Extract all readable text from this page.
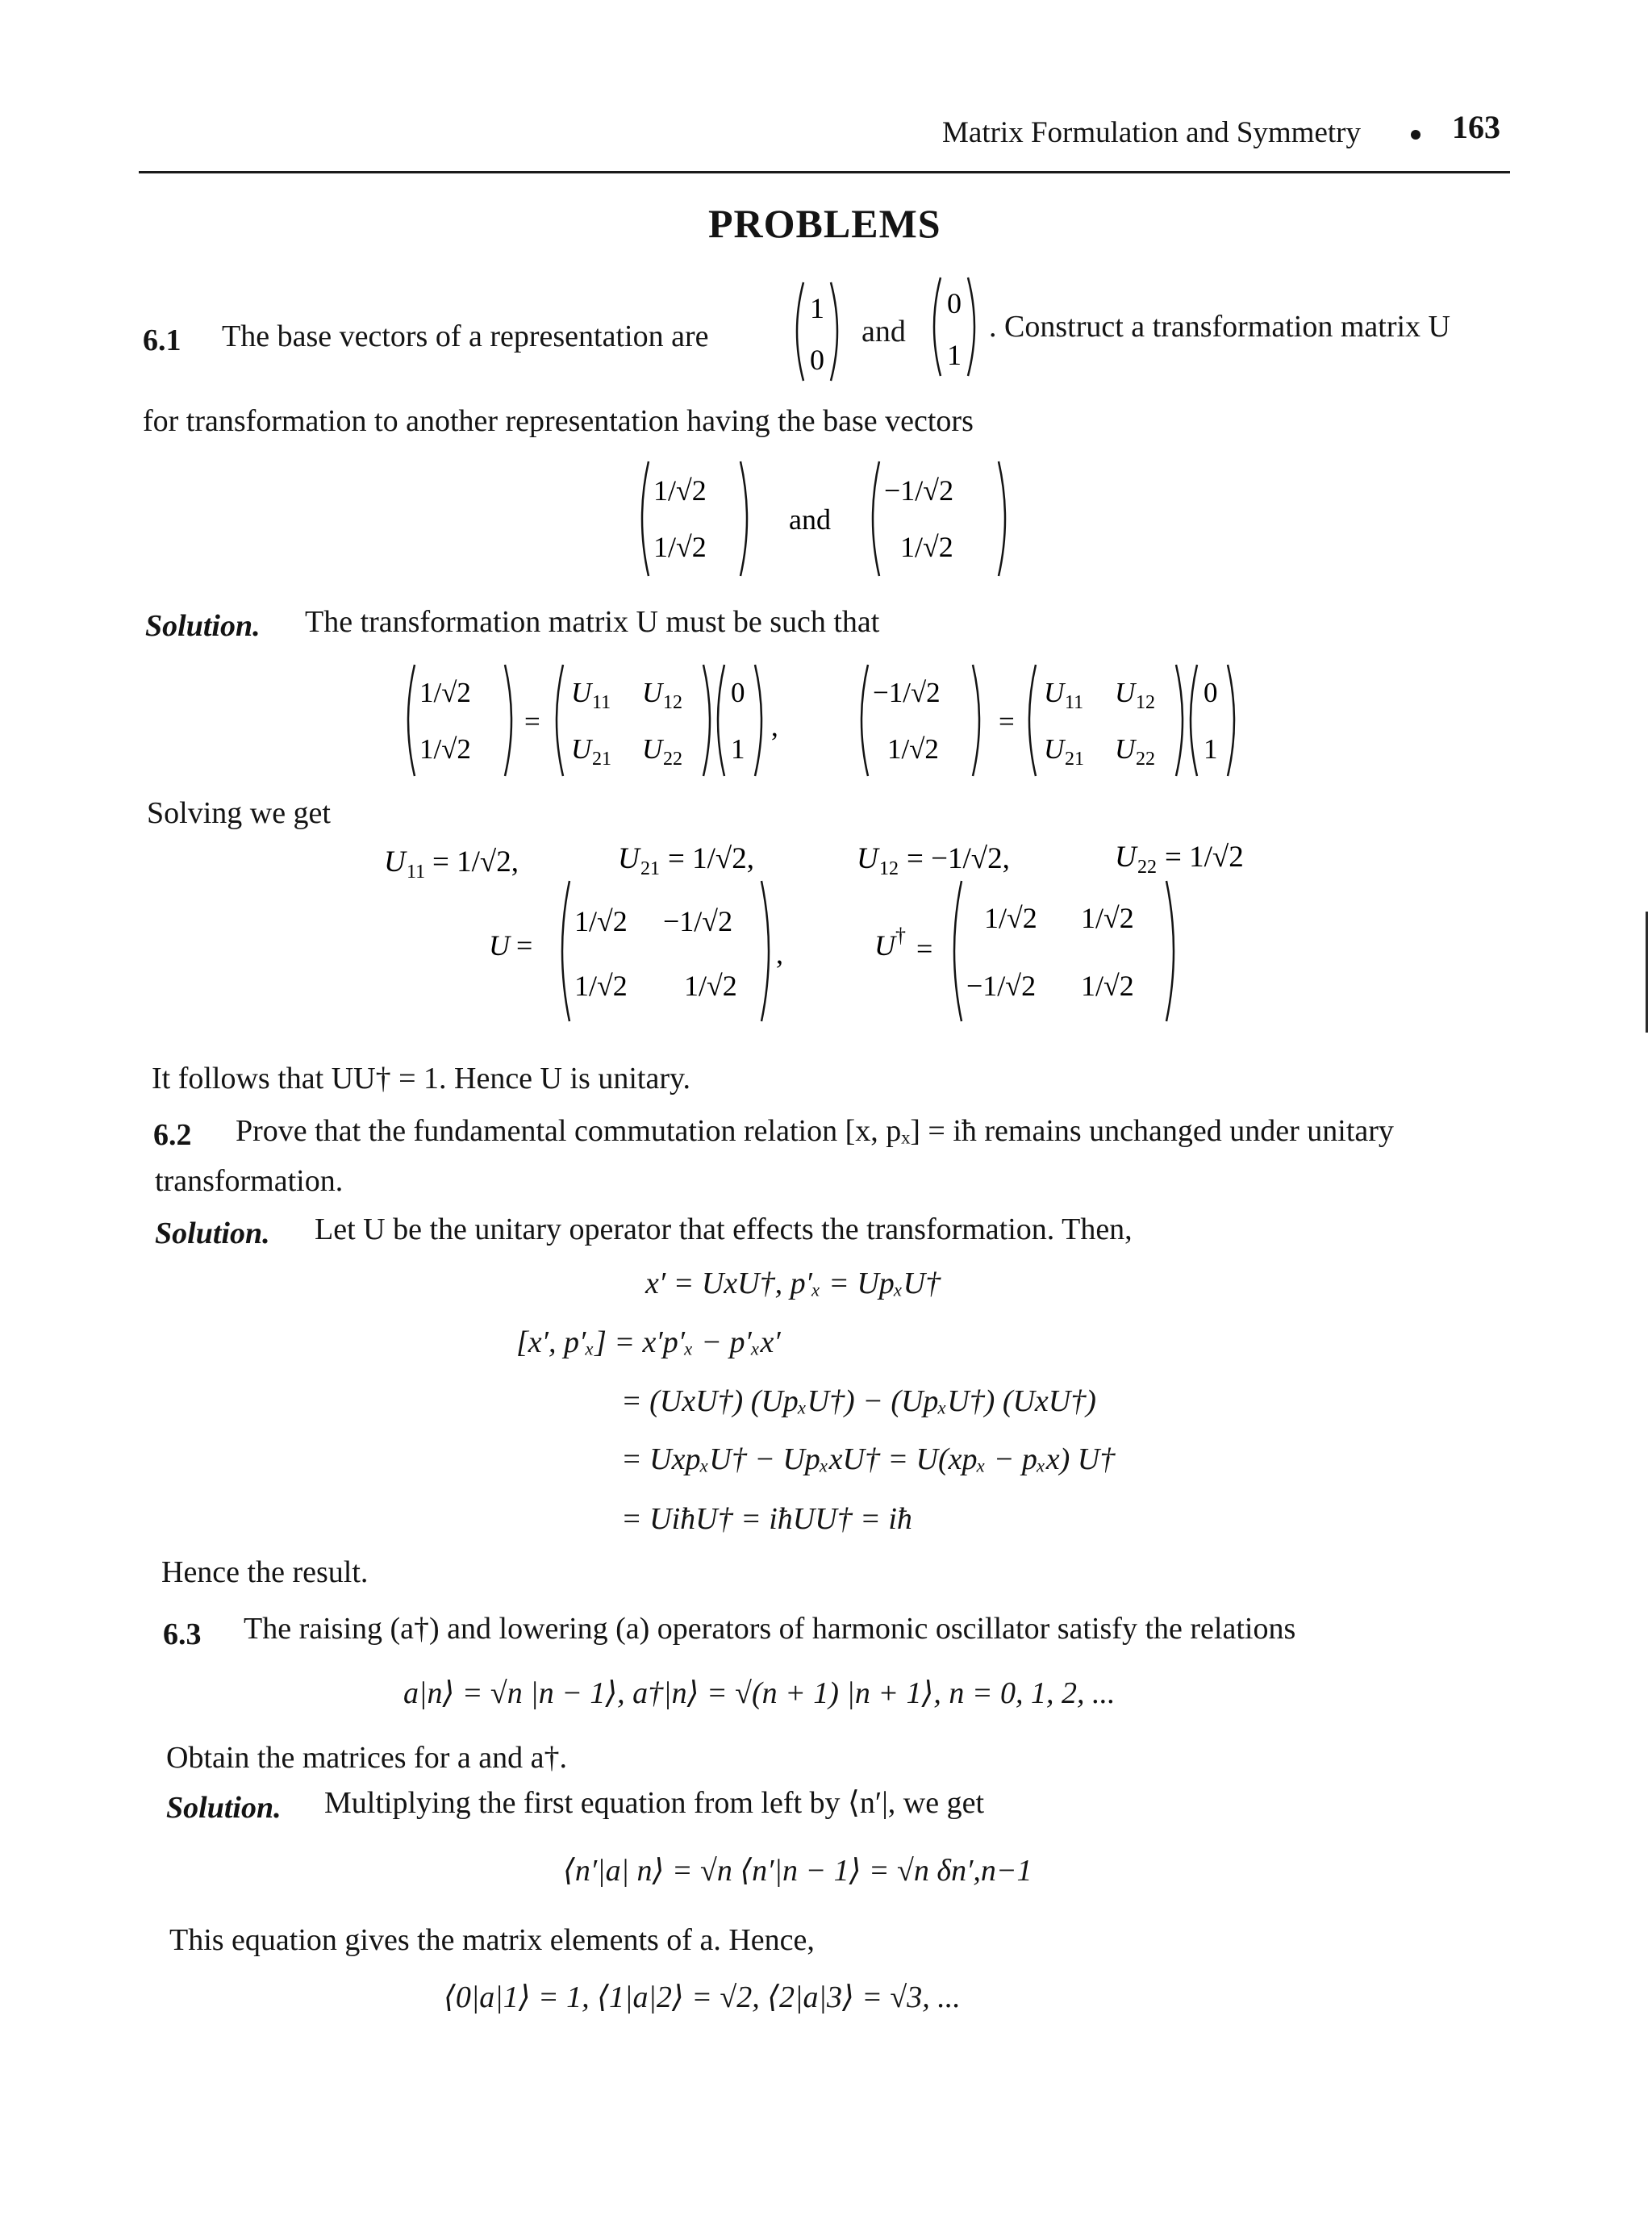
Matrix Formulation and Symmetry	163
PROBLEMS
6.1 The base vectors of a representation are
1
0
and
0
1
. Construct a transformation matrix U
for transformation to another representation having the base vectors
1/√2
1/√2
and
−1/√2
1/√2
Solution. The transformation matrix U must be such that
1/√2
1/√2
=
U 11 U 12
U 21 U 22
0
1
,
−1/√2
1/√2
=
U 11 U 12
U 21 U 22
0
1
Solving we get
U 11 = 1/√2,	U 21 = 1/√2,	U 12 = −1/√2,	U 22 = 1/√2
U =
1/√2 −1/√2
1/√2 1/√2
,	U † =
1/√2 1/√2
−1/√2 1/√2
It follows that UU† = 1. Hence U is unitary.
6.2 Prove that the fundamental commutation relation [x, pₓ] = iħ remains unchanged under unitary
transformation.
Solution. Let U be the unitary operator that effects the transformation. Then,
x′ = UxU†, p′ₓ = UpₓU†
[x′, p′ₓ] = x′p′ₓ − p′ₓx′
= (UxU†) (UpₓU†) − (UpₓU†) (UxU†)
= UxpₓU† − UpₓxU† = U(xpₓ − pₓx) U†
= UiħU† = iħUU† = iħ
Hence the result.
6.3 The raising (a†) and lowering (a) operators of harmonic oscillator satisfy the relations
a|n⟩ = √n |n − 1⟩, a†|n⟩ = √(n + 1) |n + 1⟩, n = 0, 1, 2, ...
Obtain the matrices for a and a†.
Solution. Multiplying the first equation from left by ⟨n′|, we get
⟨n′|a| n⟩ = √n ⟨n′|n − 1⟩ = √n δn′,n−1
This equation gives the matrix elements of a. Hence,
⟨0|a|1⟩ = 1, ⟨1|a|2⟩ = √2, ⟨2|a|3⟩ = √3, ...
